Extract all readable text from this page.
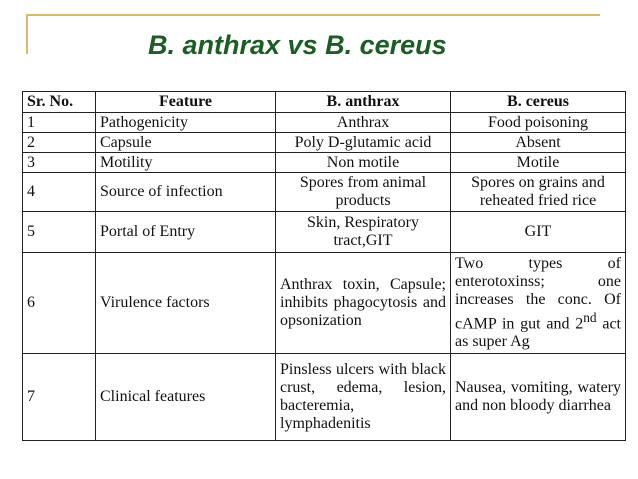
B. anthrax vs B. cereus
Sr. No.	Feature	B. anthrax	B. cereus
1	Pathogenicity	Anthrax	Food poisoning
2	Capsule	Poly D-glutamic acid	Absent
3	Motility	Non motile	Motile
4	Source of infection	Spores from animal products	Spores on grains and reheated fried rice
5	Portal of Entry	Skin, Respiratory tract,GIT	GIT
6	Virulence factors	Anthrax toxin, Capsule; inhibits phagocytosis and opsonization	Two types of enterotoxinss; one increases the conc. Of cAMP in gut and 2nd act as super Ag
7	Clinical features	Pinsless ulcers with black crust, edema, lesion, bacteremia, lymphadenitis	Nausea, vomiting, watery and non bloody diarrhea
